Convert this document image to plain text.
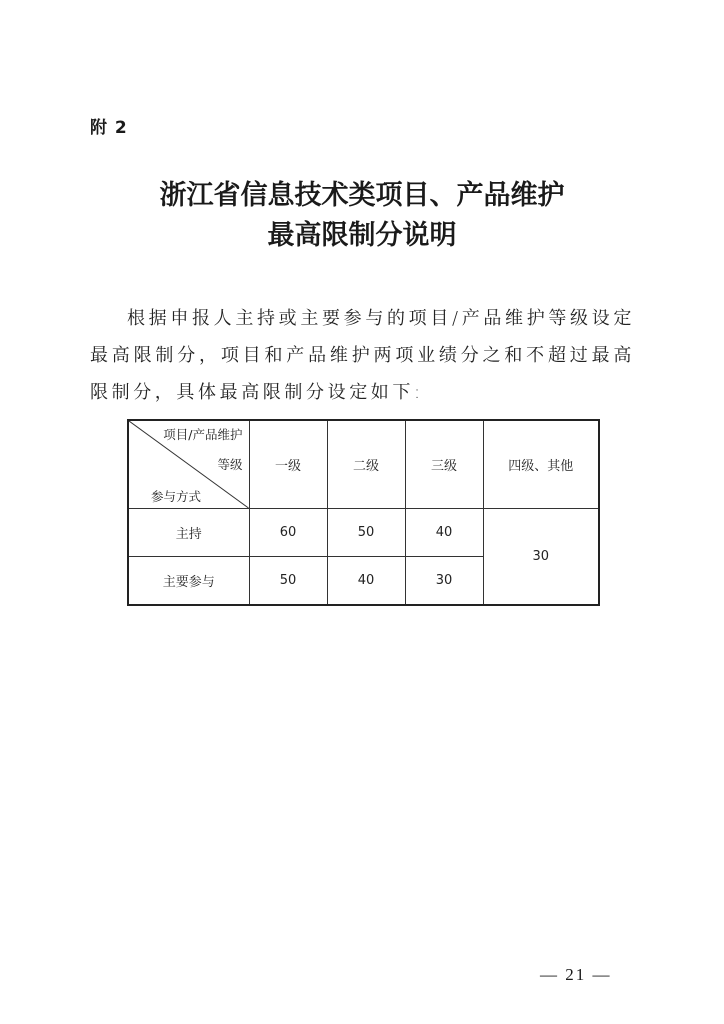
附 2
浙江省信息技术类项目、产品维护
最高限制分说明

根据申报人主持或主要参与的项目/产品维护等级设定最高限制分，项目和产品维护两项业绩分之和不超过最高限制分，具体最高限制分设定如下:

项目/产品维护
等级
参与方式	一级	二级	三级	四级、其他
主持	60	50	40	30
主要参与	50	40	30	
— 21 —
